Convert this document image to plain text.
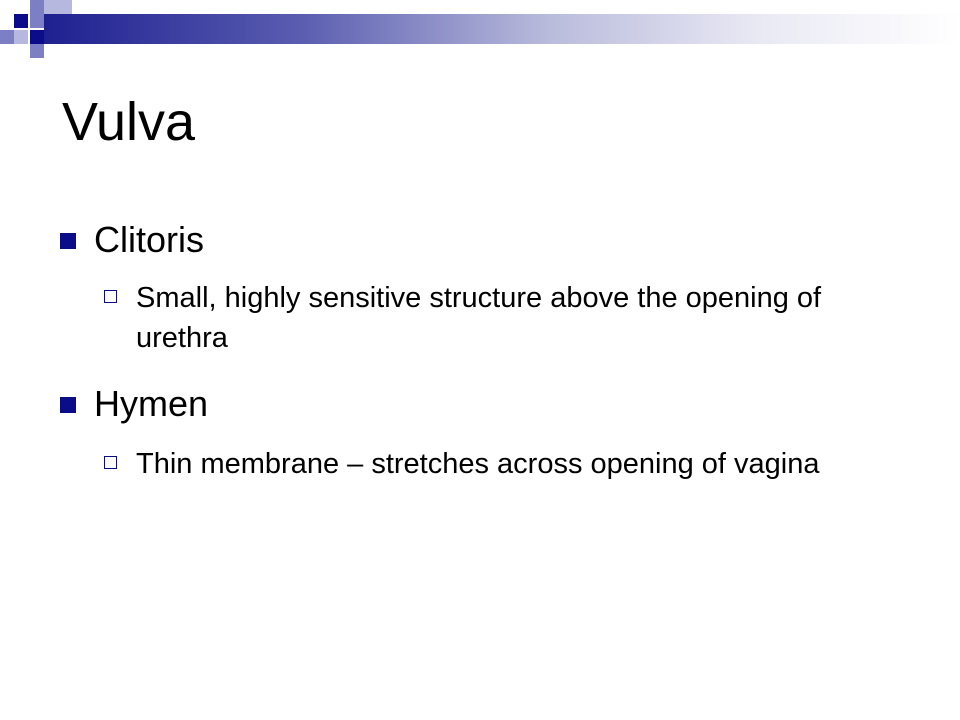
Vulva
Clitoris
Small, highly sensitive structure above the opening of urethra
Hymen
Thin membrane – stretches across opening of vagina
